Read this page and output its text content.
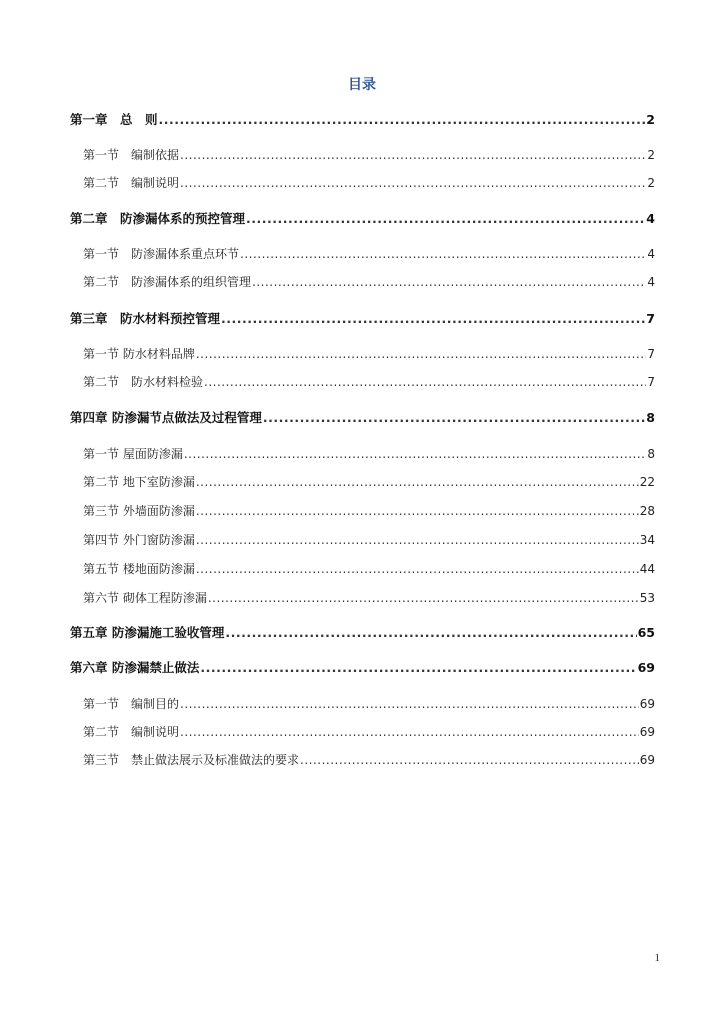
目录
第一章　总　则 .....	2
第一节　编制依据 .....	2
第二节　编制说明 .....	2
第二章　防渗漏体系的预控管理 .....	4
第一节　防渗漏体系重点环节 .....	4
第二节　防渗漏体系的组织管理 .....	4
第三章　防水材料预控管理 .....	7
第一节 防水材料品牌 .....	7
第二节　防水材料检验 .....	7
第四章 防渗漏节点做法及过程管理 .....	8
第一节 屋面防渗漏 .....	8
第二节 地下室防渗漏 .....	22
第三节 外墙面防渗漏 .....	28
第四节 外门窗防渗漏 .....	34
第五节 楼地面防渗漏 .....	44
第六节 砌体工程防渗漏 .....	53
第五章 防渗漏施工验收管理 .....	65
第六章 防渗漏禁止做法 .....	69
第一节　编制目的 .....	69
第二节　编制说明 .....	69
第三节　禁止做法展示及标准做法的要求 .....	69
1
